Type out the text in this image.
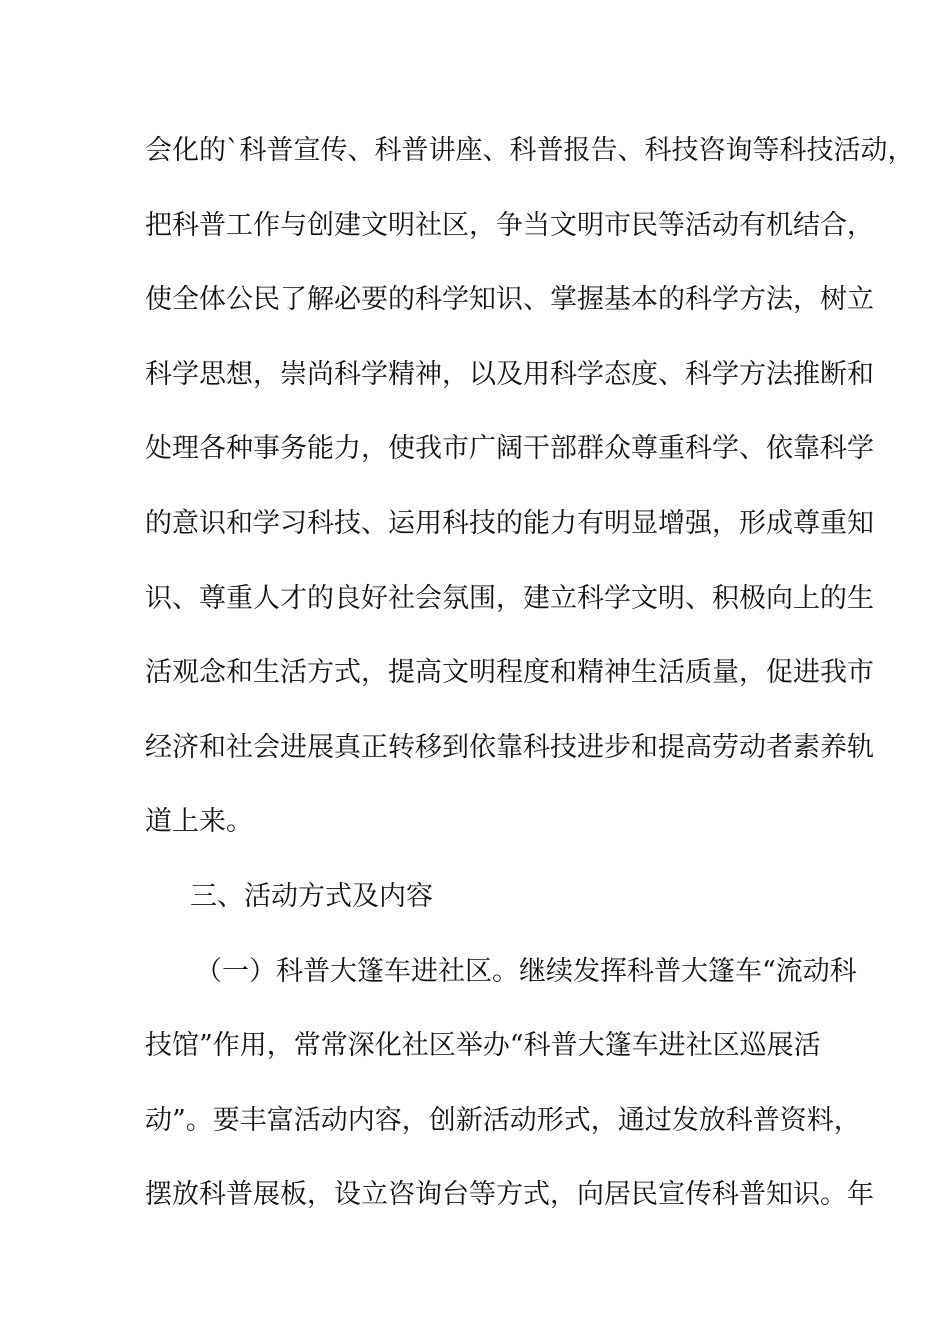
会化的`科普宣传、科普讲座、科普报告、科技咨询等科技活动，
把科普工作与创建文明社区，争当文明市民等活动有机结合，
使全体公民了解必要的科学知识、掌握基本的科学方法，树立
科学思想，崇尚科学精神，以及用科学态度、科学方法推断和
处理各种事务能力，使我市广阔干部群众尊重科学、依靠科学
的意识和学习科技、运用科技的能力有明显增强，形成尊重知
识、尊重人才的良好社会氛围，建立科学文明、积极向上的生
活观念和生活方式，提高文明程度和精神生活质量，促进我市
经济和社会进展真正转移到依靠科技进步和提高劳动者素养轨
道上来。
三、活动方式及内容
（一）科普大篷车进社区。继续发挥科普大篷车“流动科
技馆”作用，常常深化社区举办“科普大篷车进社区巡展活
动”。要丰富活动内容，创新活动形式，通过发放科普资料，
摆放科普展板，设立咨询台等方式，向居民宣传科普知识。年
